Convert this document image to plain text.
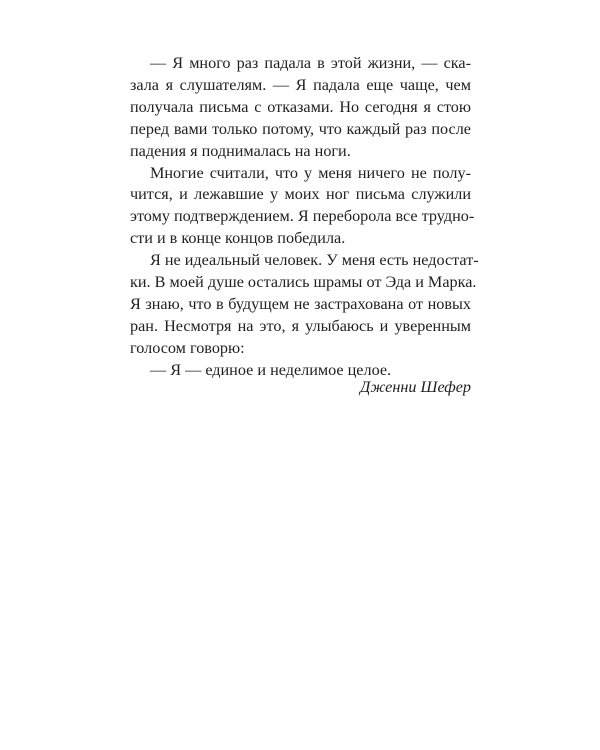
— Я много раз падала в этой жизни, — ска-
зала я слушателям. — Я падала еще чаще, чем
получала письма с отказами. Но сегодня я стою
перед вами только потому, что каждый раз после
падения я поднималась на ноги.
Многие считали, что у меня ничего не полу-
чится, и лежавшие у моих ног письма служили
этому подтверждением. Я переборола все трудно-
сти и в конце концов победила.
Я не идеальный человек. У меня есть недостат-
ки. В моей душе остались шрамы от Эда и Марка.
Я знаю, что в будущем не застрахована от новых
ран. Несмотря на это, я улыбаюсь и уверенным
голосом говорю:
— Я — единое и неделимое целое.
Дженни Шефер
